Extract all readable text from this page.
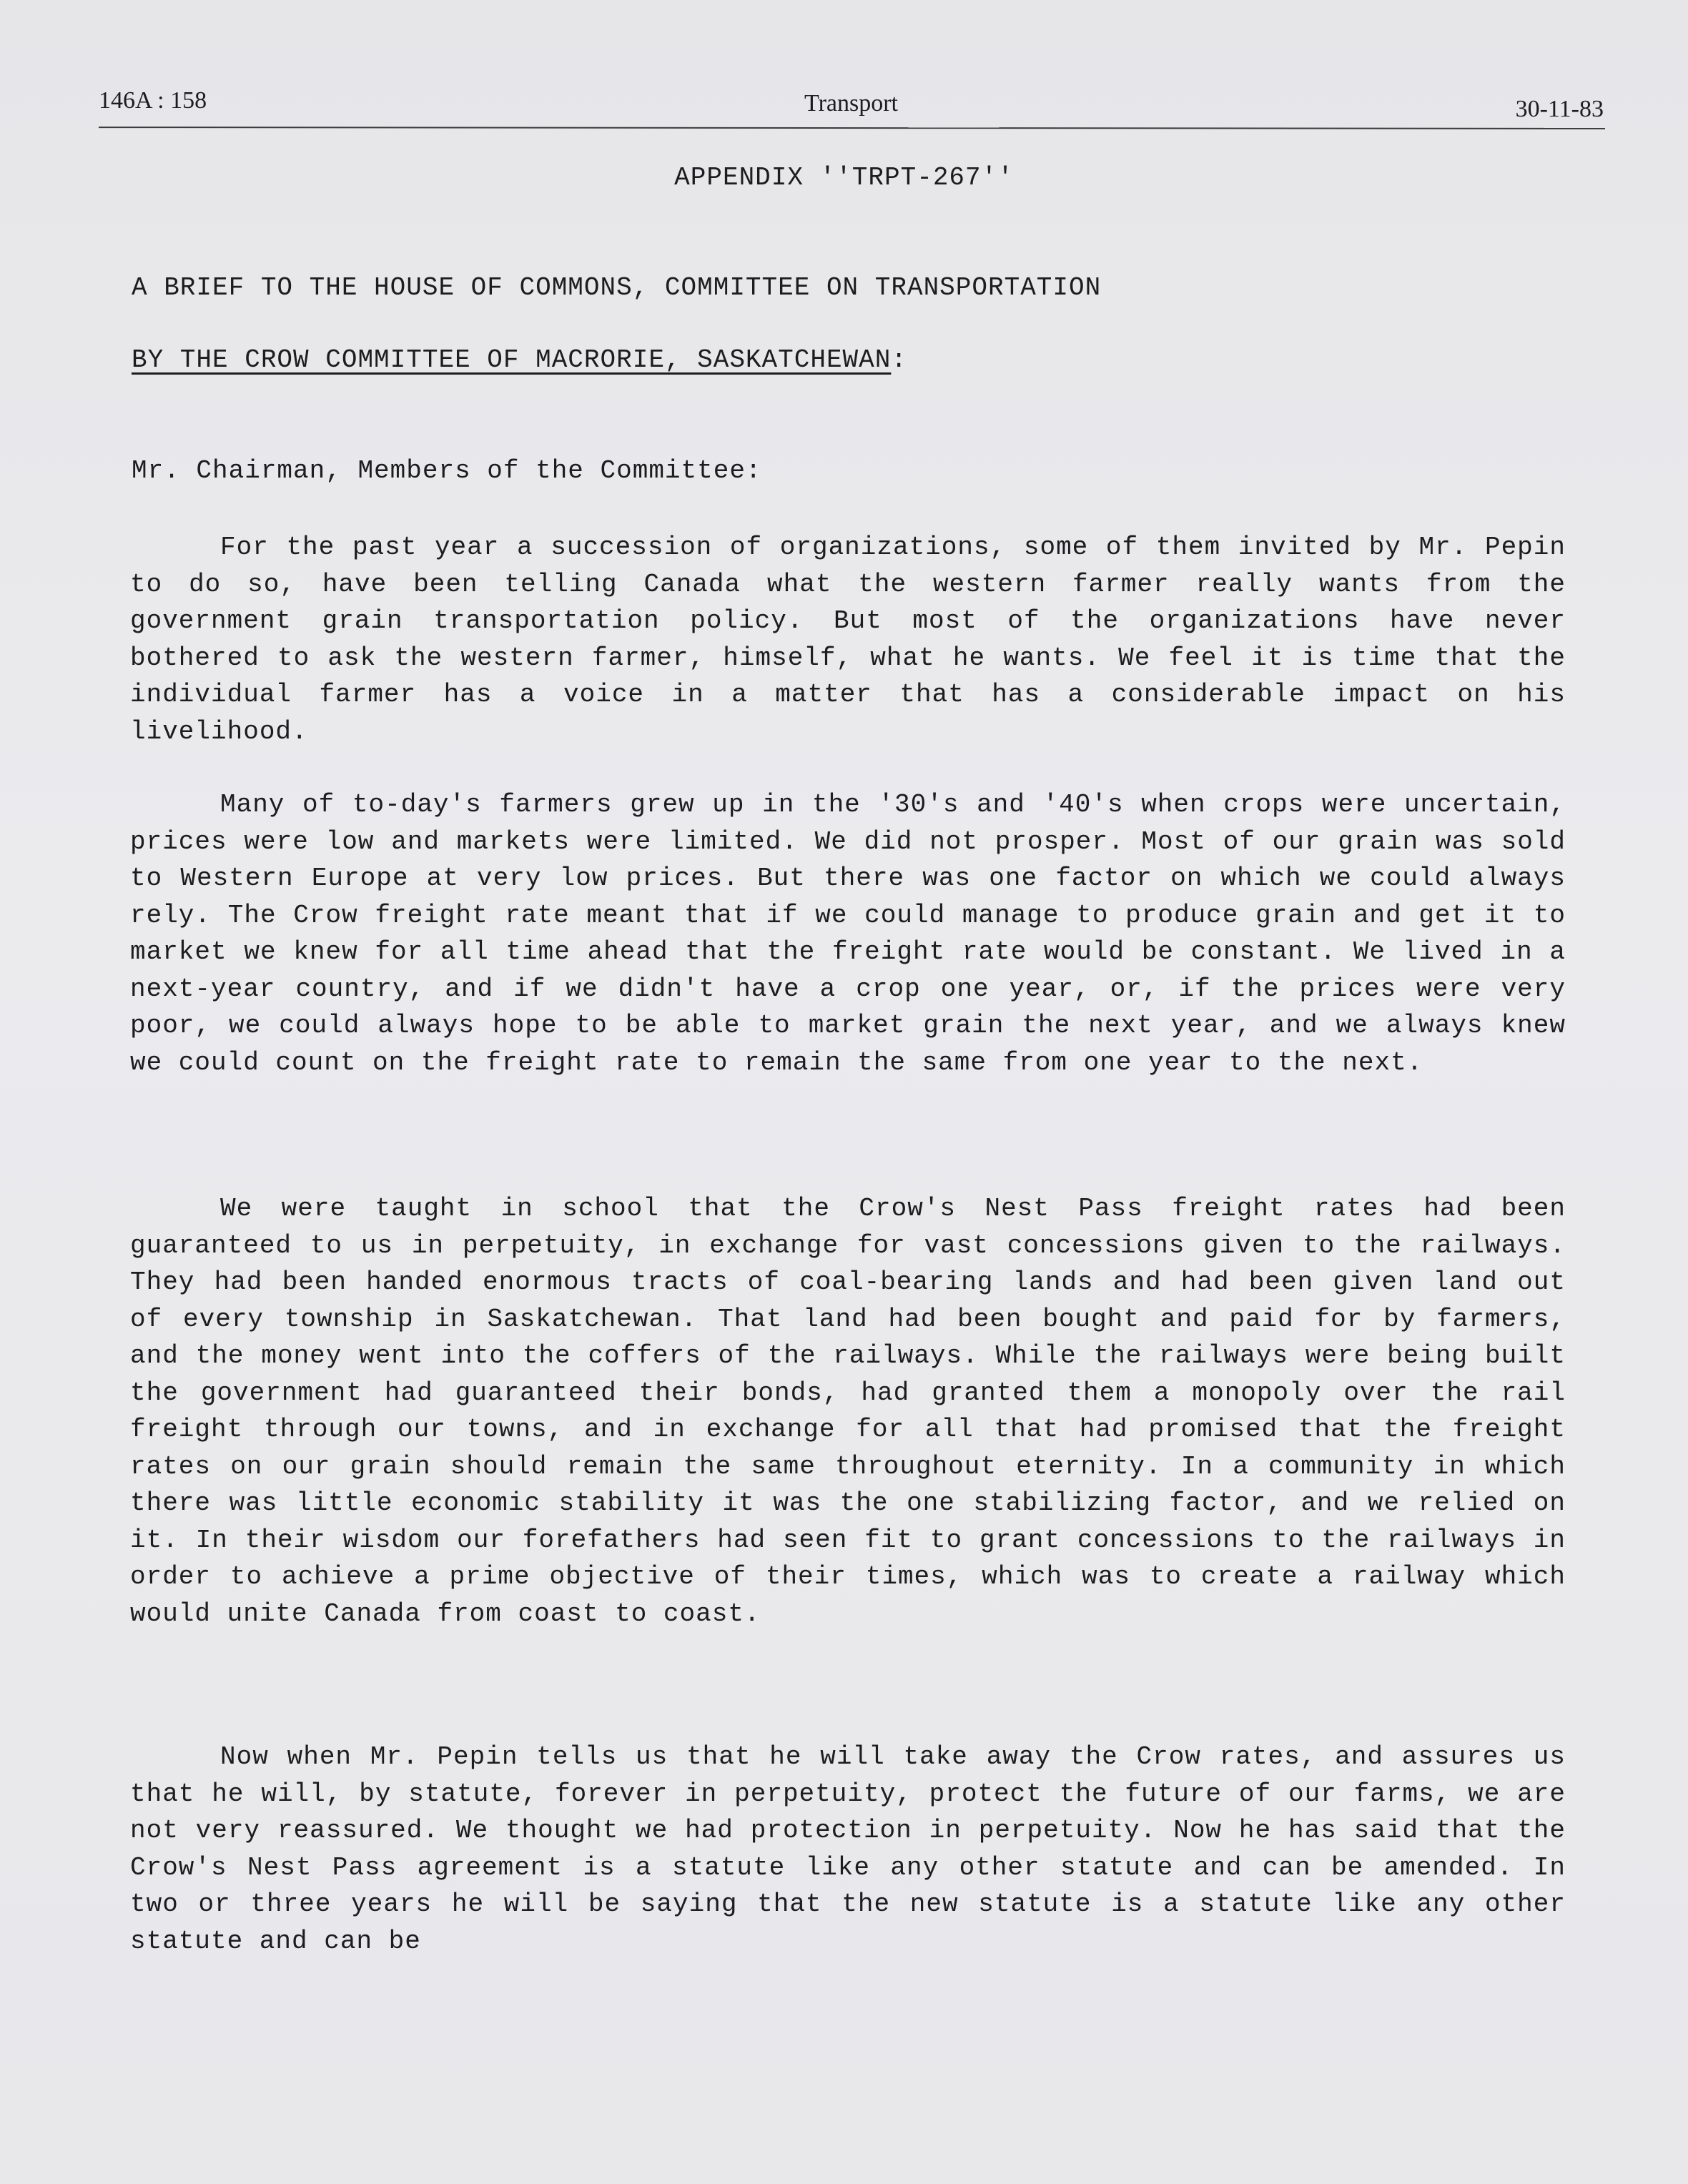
146A : 158	Transport	30-11-83
APPENDIX ''TRPT-267''
A BRIEF TO THE HOUSE OF COMMONS, COMMITTEE ON TRANSPORTATION
BY THE CROW COMMITTEE OF MACRORIE, SASKATCHEWAN:
Mr. Chairman, Members of the Committee:

For the past year a succession of organizations, some of them invited by Mr. Pepin to do so, have been telling Canada what the western farmer really wants from the government grain transportation policy. But most of the organizations have never bothered to ask the western farmer, himself, what he wants. We feel it is time that the individual farmer has a voice in a matter that has a considerable impact on his livelihood.

Many of to-day's farmers grew up in the '30's and '40's when crops were uncertain, prices were low and markets were limited. We did not prosper. Most of our grain was sold to Western Europe at very low prices. But there was one factor on which we could always rely. The Crow freight rate meant that if we could manage to produce grain and get it to market we knew for all time ahead that the freight rate would be constant. We lived in a next-year country, and if we didn't have a crop one year, or, if the prices were very poor, we could always hope to be able to market grain the next year, and we always knew we could count on the freight rate to remain the same from one year to the next.

We were taught in school that the Crow's Nest Pass freight rates had been guaranteed to us in perpetuity, in exchange for vast concessions given to the railways. They had been handed enormous tracts of coal-bearing lands and had been given land out of every township in Saskatchewan. That land had been bought and paid for by farmers, and the money went into the coffers of the railways. While the railways were being built the government had guaranteed their bonds, had granted them a monopoly over the rail freight through our towns, and in exchange for all that had promised that the freight rates on our grain should remain the same throughout eternity. In a community in which there was little economic stability it was the one stabilizing factor, and we relied on it. In their wisdom our forefathers had seen fit to grant concessions to the railways in order to achieve a prime objective of their times, which was to create a railway which would unite Canada from coast to coast.

Now when Mr. Pepin tells us that he will take away the Crow rates, and assures us that he will, by statute, forever in perpetuity, protect the future of our farms, we are not very reassured. We thought we had protection in perpetuity. Now he has said that the Crow's Nest Pass agreement is a statute like any other statute and can be amended. In two or three years he will be saying that the new statute is a statute like any other statute and can be
